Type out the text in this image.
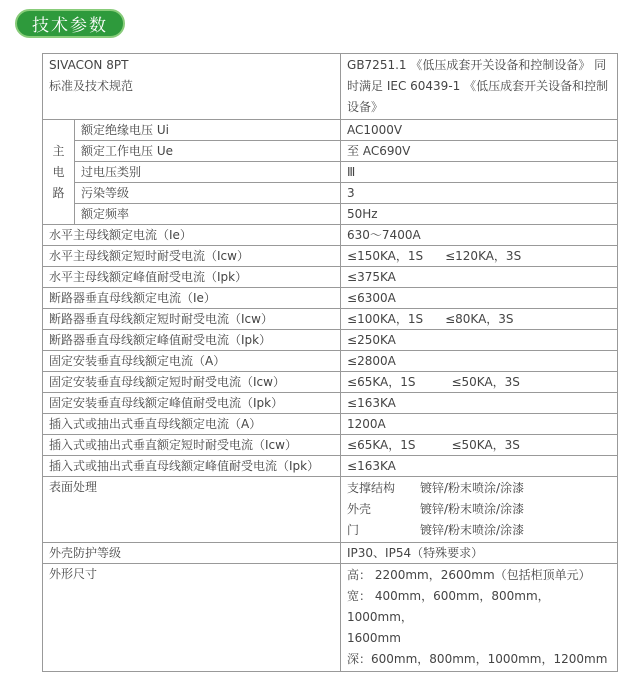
技术参数
SIVACON 8PT
标准及技术规范		GB7251.1 《低压成套开关设备和控制设备》 同
时满足 IEC 60439-1 《低压成套开关设备和控制
设备》

主
电
路	额定绝缘电压 Ui	AC1000V
	额定工作电压 Ue	至 AC690V
	过电压类别	Ⅲ
	污染等级	3
	额定频率	50Hz
水平主母线额定电流（Ie）		630～7400A
水平主母线额定短时耐受电流（Icw）		≤150KA，1S ≤120KA，3S
水平主母线额定峰值耐受电流（Ipk）		≤375KA
断路器垂直母线额定电流（Ie）		≤6300A
断路器垂直母线额定短时耐受电流（Icw）		≤100KA，1S ≤80KA，3S
断路器垂直母线额定峰值耐受电流（Ipk）		≤250KA
固定安装垂直母线额定电流（A）		≤2800A
固定安装垂直母线额定短时耐受电流（Icw）		≤65KA，1S ≤50KA，3S
固定安装垂直母线额定峰值耐受电流（Ipk）		≤163KA
插入式或抽出式垂直母线额定电流（A）		1200A
插入式或抽出式垂直额定短时耐受电流（Icw）		≤65KA，1S ≤50KA，3S
插入式或抽出式垂直母线额定峰值耐受电流（Ipk）		≤163KA
表面处理		支撑结构 镀锌/粉末喷涂/涂漆
外壳 镀锌/粉末喷涂/涂漆
门 镀锌/粉末喷涂/涂漆

外壳防护等级		IP30、IP54（特殊要求）
外形尺寸		高： 2200mm，2600mm（包括柜顶单元）
宽： 400mm，600mm，800mm，1000mm，
1600mm
深：600mm，800mm，1000mm，1200mm
